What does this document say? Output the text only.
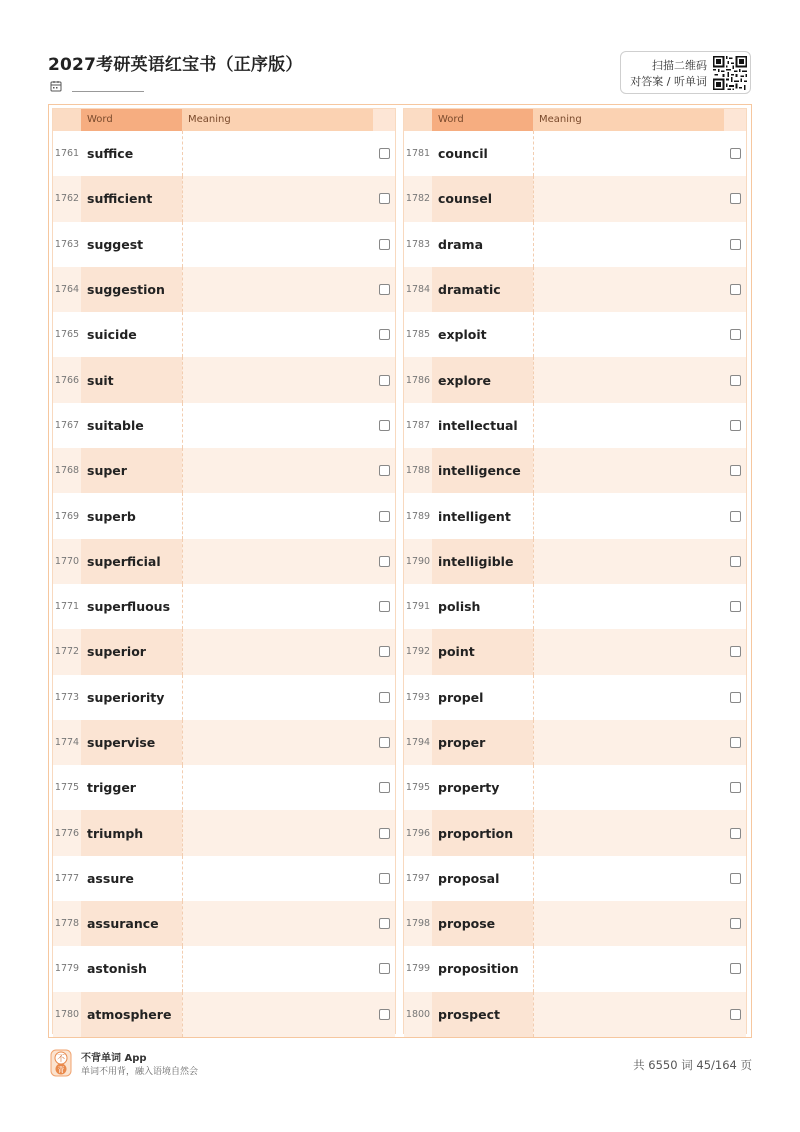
2027考研英语红宝书（正序版）	扫描二维码
对答案 / 听单词
Word	Meaning
1761 suffice
1762 sufficient
1763 suggest
1764 suggestion
1765 suicide
1766 suit
1767 suitable
1768 super
1769 superb
1770 superficial
1771 superfluous
1772 superior
1773 superiority
1774 supervise
1775 trigger
1776 triumph
1777 assure
1778 assurance
1779 astonish
1780 atmosphere
Word	Meaning
1781 council
1782 counsel
1783 drama
1784 dramatic
1785 exploit
1786 explore
1787 intellectual
1788 intelligence
1789 intelligent
1790 intelligible
1791 polish
1792 point
1793 propel
1794 proper
1795 property
1796 proportion
1797 proposal
1798 propose
1799 proposition
1800 prospect
不
背
不背单词 App
单词不用背，融入语境自然会	共 6550 词 45/164 页
